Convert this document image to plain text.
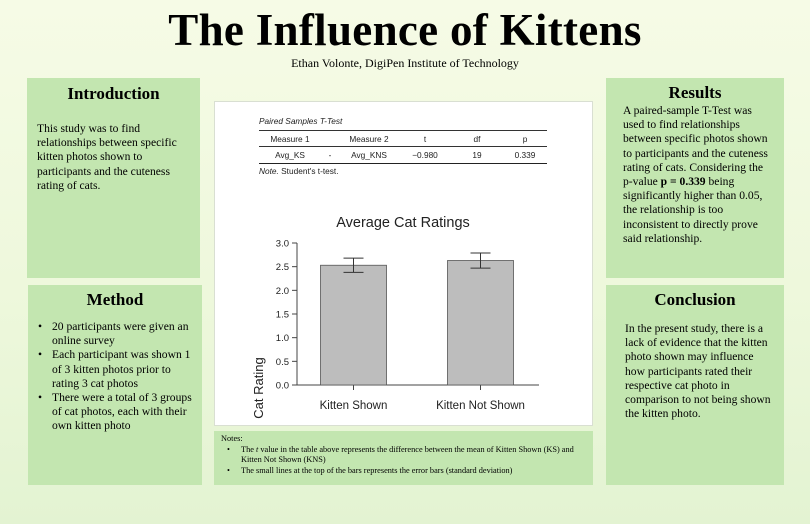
The Influence of Kittens
Ethan Volonte, DigiPen Institute of Technology
Introduction

This study was to find relationships between specific kitten photos shown to participants and the cuteness rating of cats.

Method
• 20 participants were given an online survey
• Each participant was shown 1 of 3 kitten photos prior to rating 3 cat photos
• There were a total of 3 groups of cat photos, each with their own kitten photo
Paired Samples T-Test
Measure 1		Measure 2	t	df	p
Avg_KS	-	Avg_KNS	−0.980	19	0.339
Note. Student's t-test.
Average Cat Ratings
Cat Rating 0.0
0.5
1.0
1.5
2.0
2.5
3.0
Kitten Shown	Kitten Not Shown
Results

A paired-sample T-Test was used to find relationships between specific photos shown to participants and the cuteness rating of cats. Considering the p-value p = 0.339 being significantly higher than 0.05, the relationship is too inconsistent to directly prove said relationship.

Conclusion

In the present study, there is a lack of evidence that the kitten photo shown may influence how participants rated their respective cat photo in comparison to not being shown the kitten photo.

Notes:
• The t value in the table above represents the difference between the mean of Kitten Shown (KS) and Kitten Not Shown (KNS)
• The small lines at the top of the bars represents the error bars (standard deviation)
